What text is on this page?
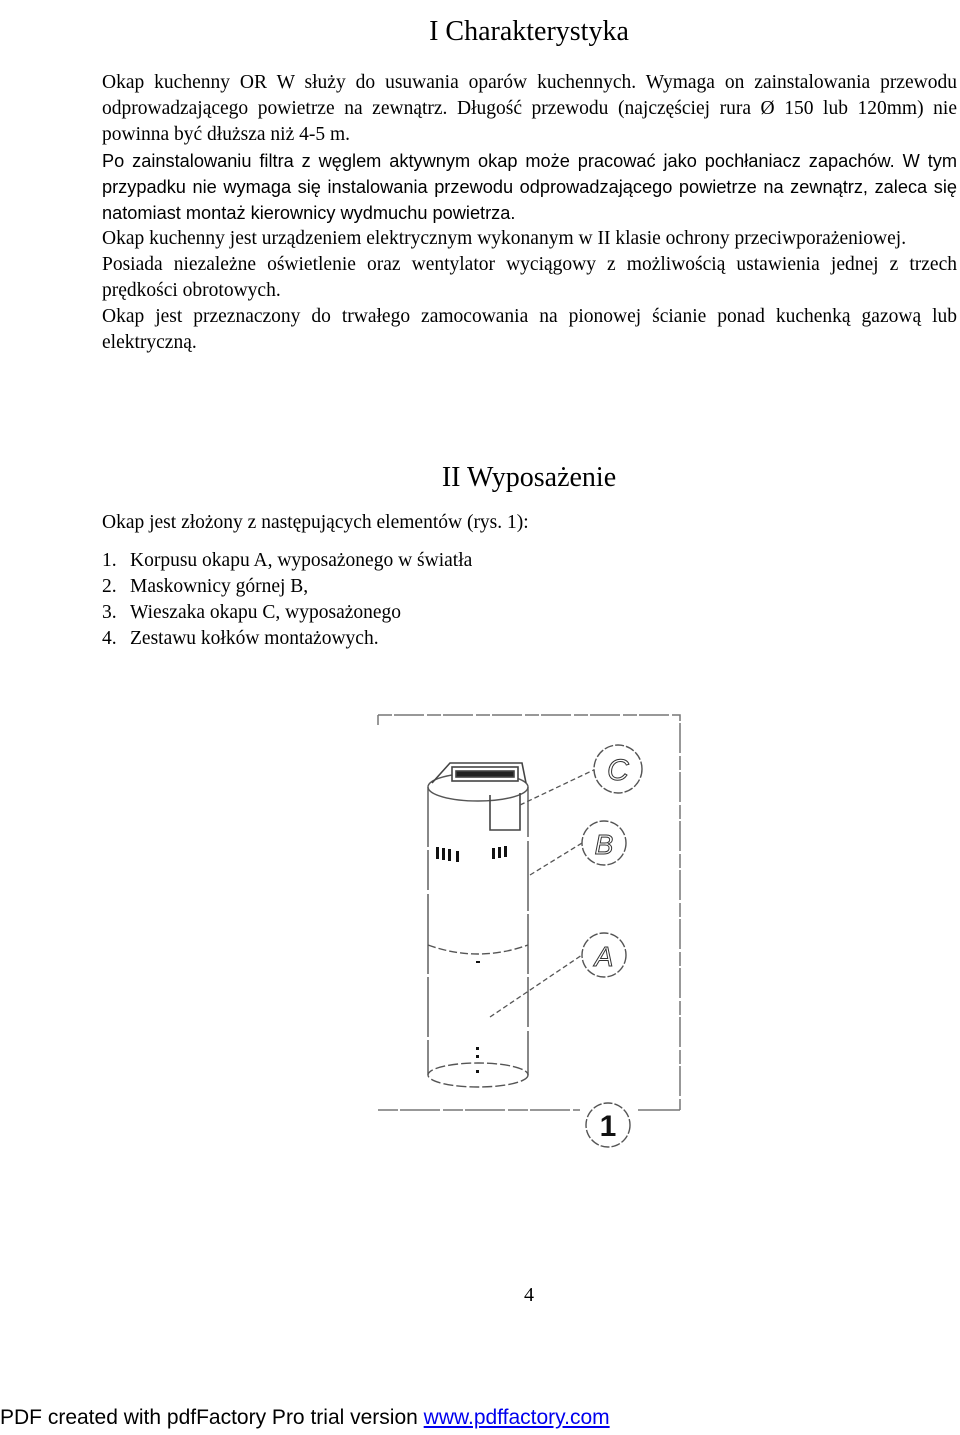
I Charakterystyka

Okap kuchenny OR W służy do usuwania oparów kuchennych. Wymaga on zainstalowania przewodu odprowadzającego powietrze na zewnątrz. Długość przewodu (najczęściej rura Ø 150 lub 120mm) nie powinna być dłuższa niż 4-5 m.

Po zainstalowaniu filtra z węglem aktywnym okap może pracować jako pochłaniacz zapachów. W tym przypadku nie wymaga się instalowania przewodu odprowadzającego powietrze na zewnątrz, zaleca się natomiast montaż kierownicy wydmuchu powietrza.

Okap kuchenny jest urządzeniem elektrycznym wykonanym w II klasie ochrony przeciwporażeniowej.

Posiada niezależne oświetlenie oraz wentylator wyciągowy z możliwością ustawienia jednej z trzech prędkości obrotowych.

Okap jest przeznaczony do trwałego zamocowania na pionowej ścianie ponad kuchenką gazową lub elektryczną.

II Wyposażenie
Okap jest złożony z następujących elementów (rys. 1):
1. Korpusu okapu A, wyposażonego w światła
2. Maskownicy górnej B,
3. Wieszaka okapu C, wyposażonego
4. Zestawu kołków montażowych.
C
B
A
1
4
PDF created with pdfFactory Pro trial version www.pdffactory.com
